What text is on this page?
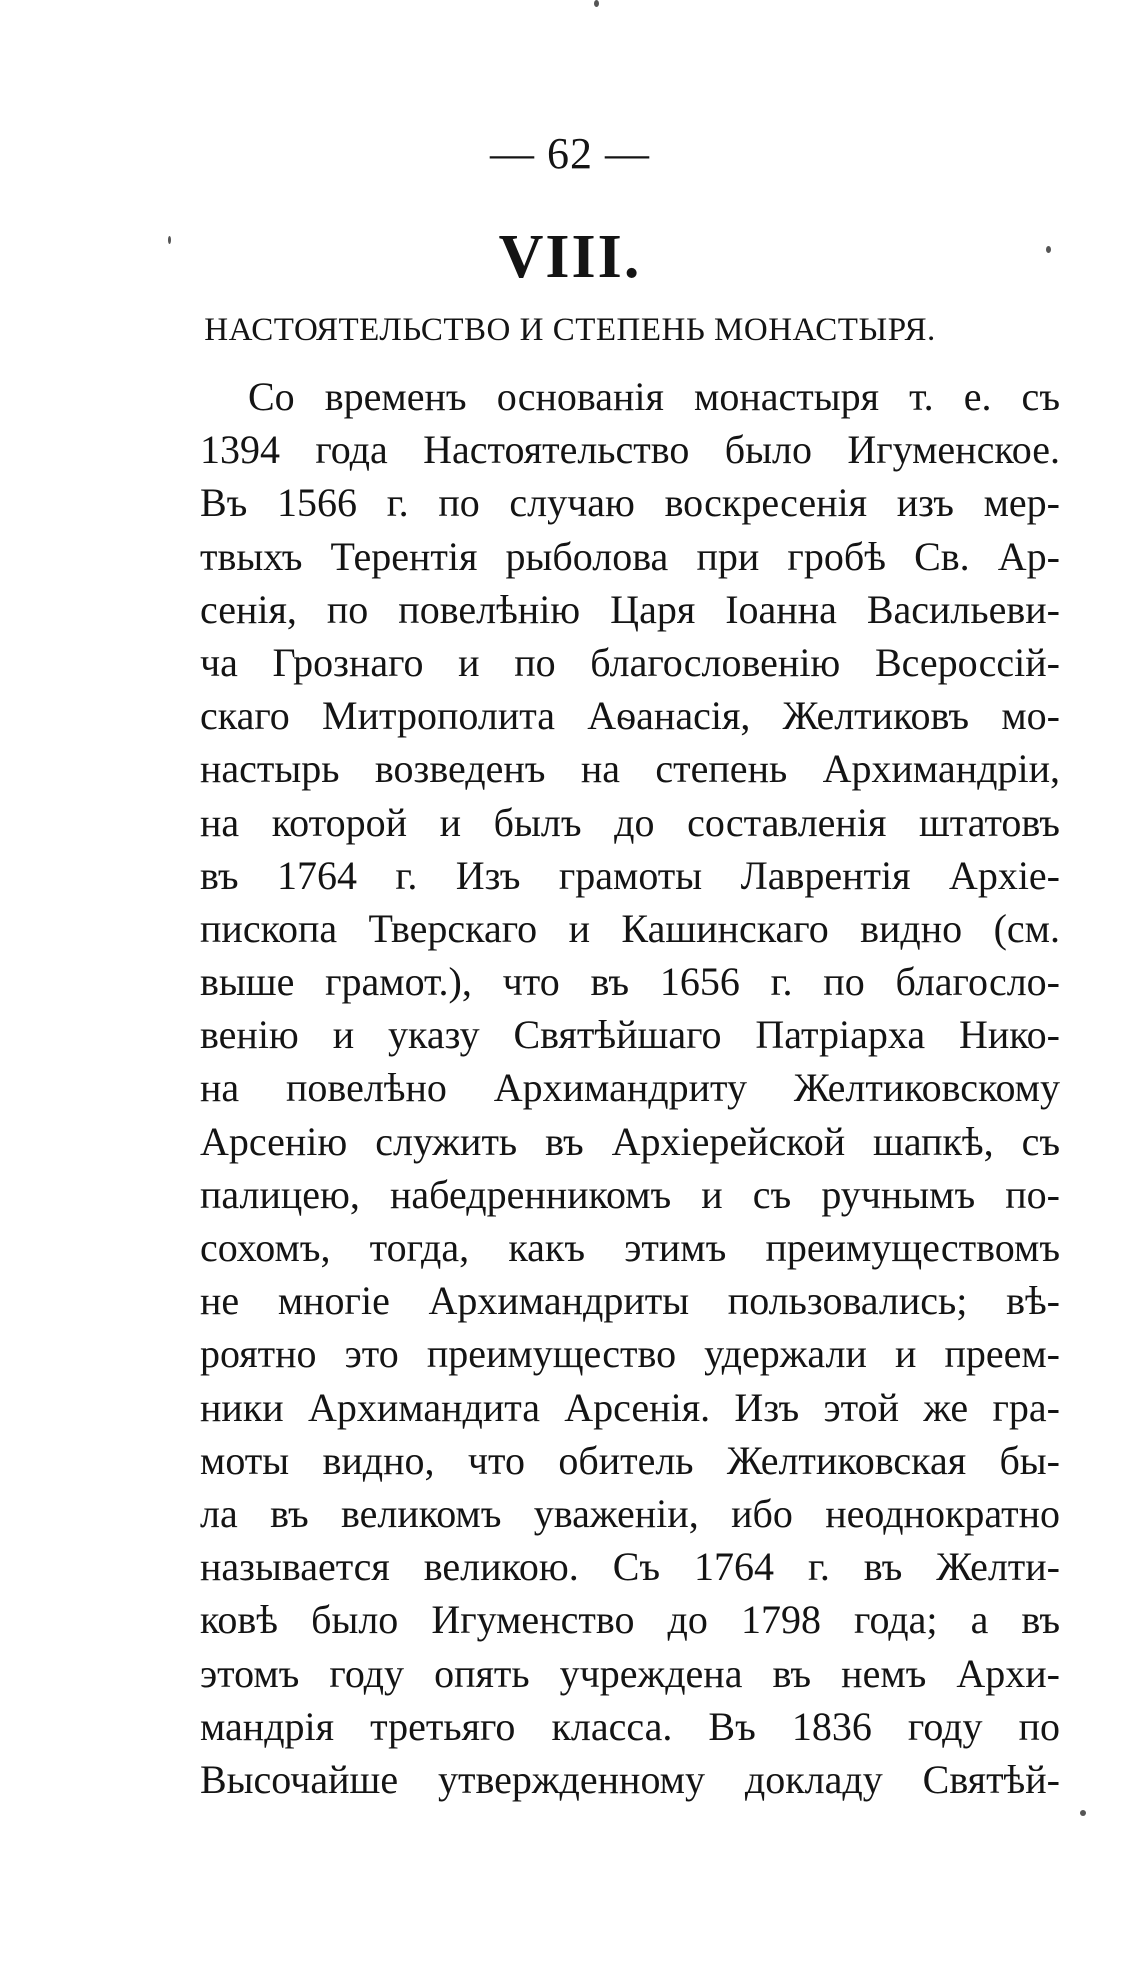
— 62 —
VIII.
НАСТОЯТЕЛЬСТВО И СТЕПЕНЬ МОНАСТЫРЯ.
Со временъ основанія монастыря т. е. съ
1394 года Настоятельство было Игуменское.
Въ 1566 г. по случаю воскресенія изъ мер-
твыхъ Терентія рыболова при гробѣ Св. Ар-
сенія, по повелѣнію Царя Іоанна Васильеви-
ча Грознаго и по благословенію Всероссій-
скаго Митрополита Аѳанасія, Желтиковъ мо-
настырь возведенъ на степень Архимандріи,
на которой и былъ до составленія штатовъ
въ 1764 г. Изъ грамоты Лаврентія Архіе-
пископа Тверскаго и Кашинскаго видно (см.
выше грамот.), что въ 1656 г. по благосло-
венію и указу Святѣйшаго Патріарха Нико-
на повелѣно Архимандриту Желтиковскому
Арсенію служить въ Архіерейской шапкѣ, съ
палицею, набедренникомъ и съ ручнымъ по-
сохомъ, тогда, какъ этимъ преимуществомъ
не многіе Архимандриты пользовались; вѣ-
роятно это преимущество удержали и преем-
ники Архимандита Арсенія. Изъ этой же гра-
моты видно, что обитель Желтиковская бы-
ла въ великомъ уваженіи, ибо неоднократно
называется великою. Съ 1764 г. въ Желти-
ковѣ было Игуменство до 1798 года; а въ
этомъ году опять учреждена въ немъ Архи-
мандрія третьяго класса. Въ 1836 году по
Высочайше утвержденному докладу Святѣй-
